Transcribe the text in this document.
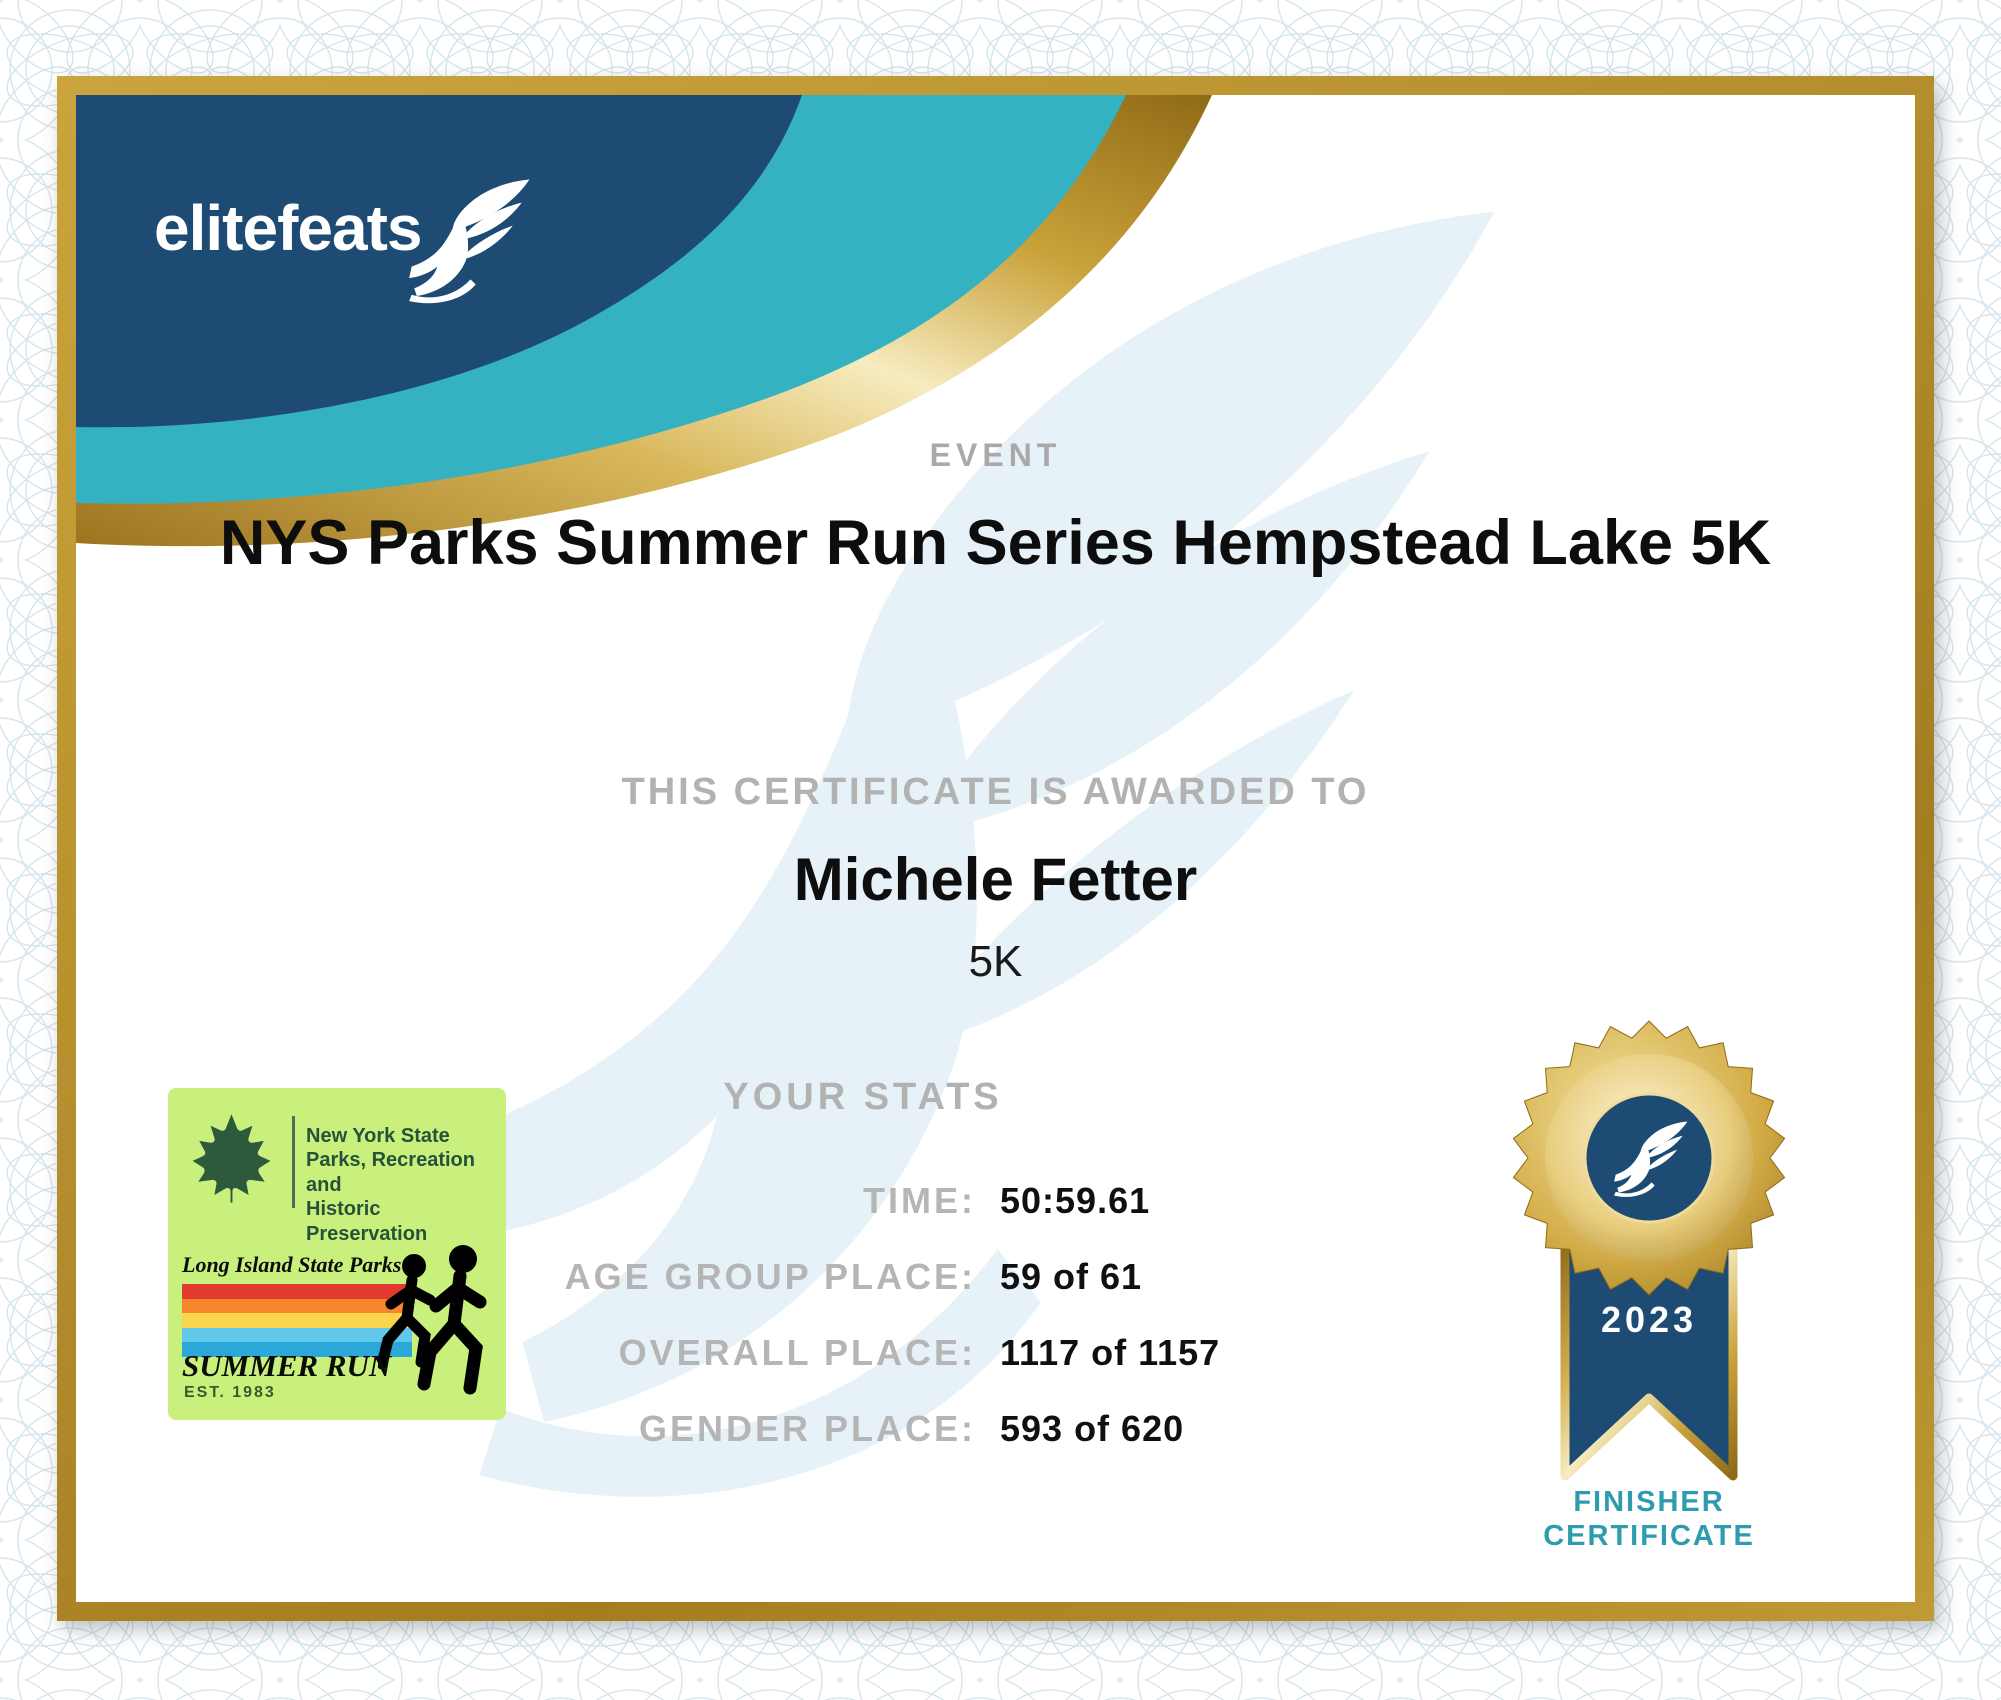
elitefeats
EVENT
NYS Parks Summer Run Series Hempstead Lake 5K
THIS CERTIFICATE IS AWARDED TO
Michele Fetter
5K
YOUR STATS
TIME: 50:59.61
AGE GROUP PLACE: 59 of 61
OVERALL PLACE: 1117 of 1157
GENDER PLACE: 593 of 620
New York State
Parks, Recreation and
Historic Preservation
Long Island State Parks
SUMMER RUN
EST. 1983
2023
FINISHER
CERTIFICATE
